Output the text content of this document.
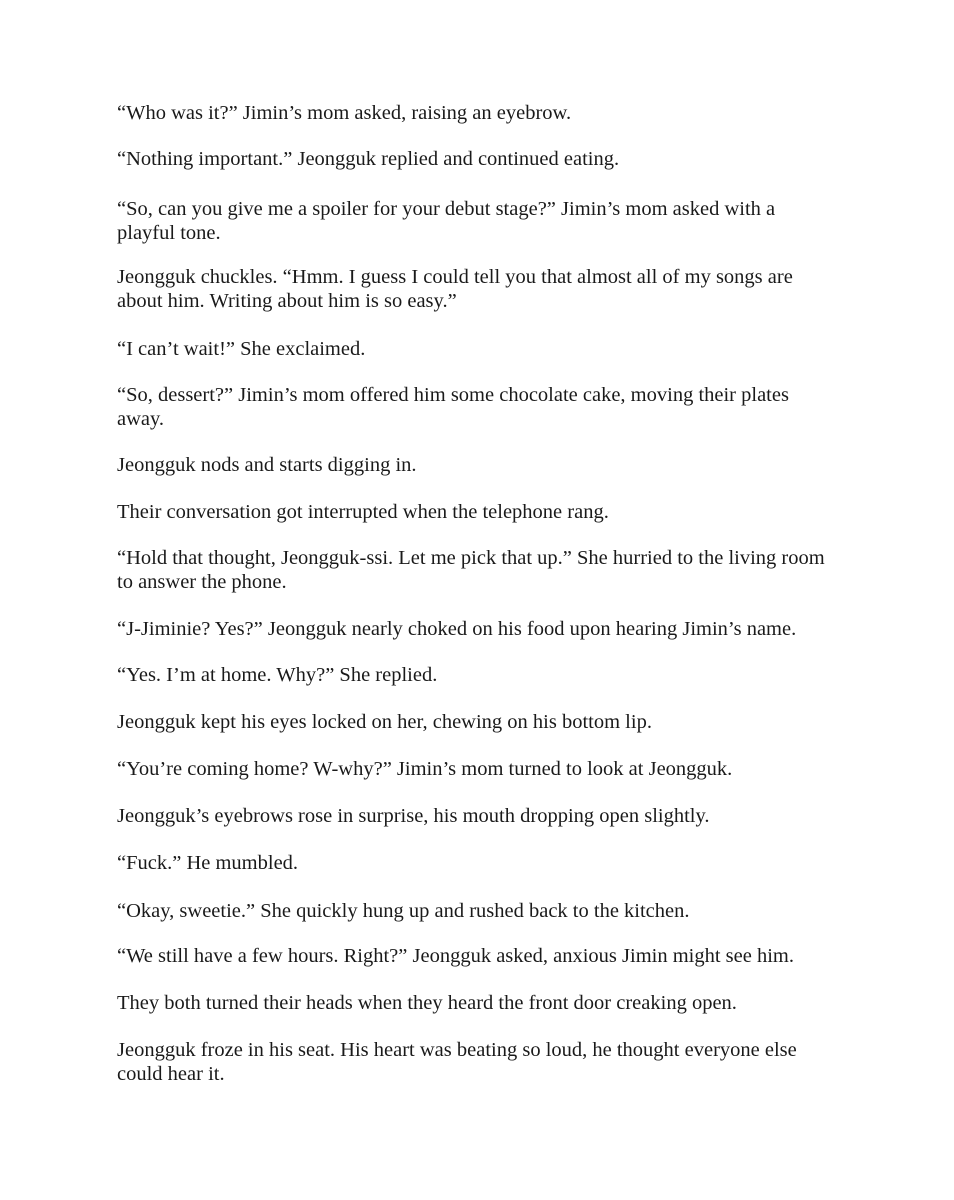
“Who was it?” Jimin’s mom asked, raising an eyebrow.

“Nothing important.” Jeongguk replied and continued eating.

“So, can you give me a spoiler for your debut stage?” Jimin’s mom asked with a playful tone.

Jeongguk chuckles. “Hmm. I guess I could tell you that almost all of my songs are about him. Writing about him is so easy.”

“I can’t wait!” She exclaimed.

“So, dessert?” Jimin’s mom offered him some chocolate cake, moving their plates away.

Jeongguk nods and starts digging in.

Their conversation got interrupted when the telephone rang.

“Hold that thought, Jeongguk-ssi. Let me pick that up.” She hurried to the living room to answer the phone.

“J-Jiminie? Yes?” Jeongguk nearly choked on his food upon hearing Jimin’s name.

“Yes. I’m at home. Why?” She replied.

Jeongguk kept his eyes locked on her, chewing on his bottom lip.

“You’re coming home? W-why?” Jimin’s mom turned to look at Jeongguk.

Jeongguk’s eyebrows rose in surprise, his mouth dropping open slightly.

“Fuck.” He mumbled.

“Okay, sweetie.” She quickly hung up and rushed back to the kitchen.

“We still have a few hours. Right?” Jeongguk asked, anxious Jimin might see him.

They both turned their heads when they heard the front door creaking open.

Jeongguk froze in his seat. His heart was beating so loud, he thought everyone else could hear it.
